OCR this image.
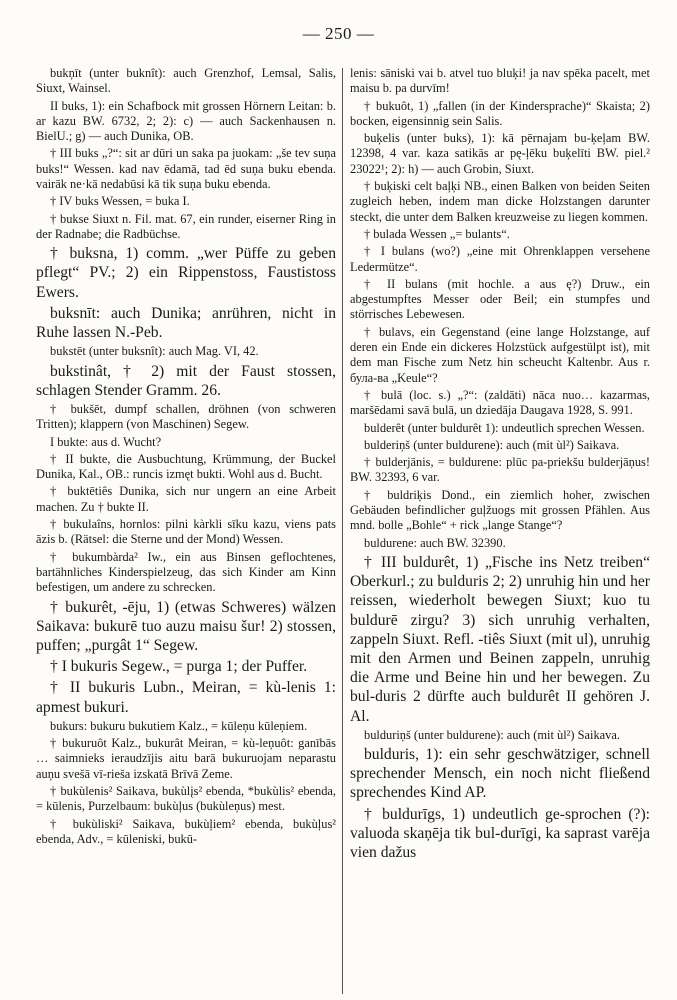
— 250 —

bukņīt (unter buknît): auch Grenzhof, Lemsal, Salis, Siuxt, Wainsel.

II buks, 1): ein Schafbock mit grossen Hörnern Leitan: b. ar kazu BW. 6732, 2; 2): c) — auch Sackenhausen n. BielU.; g) — auch Dunika, OB.

† III buks „?“: sit ar dūri un saka pa juokam: „še tev suņa buks!“ Wessen. kad nav ēdamā, tad ēd suņa buku ebenda. vairāk ne·kā nedabūsi kā tik suņa buku ebenda.

† IV buks Wessen, = buka I.

† bukse Siuxt n. Fil. mat. 67, ein runder, eiserner Ring in der Radnabe; die Radbüchse.

† buksna, 1) comm. „wer Püffe zu geben pflegt“ PV.; 2) ein Rippenstoss, Faustistoss Ewers.

buksnīt: auch Dunika; anrühren, nicht in Ruhe lassen N.-Peb.

bukstēt (unter buksnît): auch Mag. VI, 42.

bukstinât, † 2) mit der Faust stossen, schlagen Stender Gramm. 26.

† bukšēt, dumpf schallen, dröhnen (von schweren Tritten); klappern (von Maschinen) Segew.

I bukte: aus d. Wucht?

† II bukte, die Ausbuchtung, Krümmung, der Buckel Dunika, Kal., OB.: runcis izmęt bukti. Wohl aus d. Bucht.

† buktētiês Dunika, sich nur ungern an eine Arbeit machen. Zu † bukte II.

† bukulaîns, hornlos: pilni kàrkli sīku kazu, viens pats āzis b. (Rätsel: die Sterne und der Mond) Wessen.

† bukumbàrda² Iw., ein aus Binsen geflochtenes, bartähnliches Kinderspielzeug, das sich Kinder am Kinn befestigen, um andere zu schrecken.

† bukurêt, -ēju, 1) (etwas Schweres) wälzen Saikava: bukurē tuo auzu maisu šur! 2) stossen, puffen; „purgât 1“ Segew.

† I bukuris Segew., = purga 1; der Puffer.

† II bukuris Lubn., Meiran, = kù-lenis 1: apmest bukuri.

bukurs: bukuru bukutiem Kalz., = kūleņu kūleņiem.

† bukuruôt Kalz., bukurât Meiran, = kù-leņuôt: ganībās … saimnieks ieraudzījis aitu barā bukuruojam neparastu auņu svešā vī-riešа izskatā Brīvā Zeme.

† bukùlenis² Saikava, bukùlįs² ebenda, *bukùlis² ebenda, = kūlenis, Purzelbaum: bukùļus (bukùleņus) mest.

† bukùliski² Saikava, bukùļiem² ebenda, bukùļus² ebenda, Adv., = kūleniski, bukū-

lenis: sāniski vai b. atvel tuo bluķi! ja nav spēka pacelt, met maisu b. pa durvīm!

† bukuôt, 1) „fallen (in der Kindersprache)“ Skaista; 2) bocken, eigensinnig sein Salis.

buķelis (unter buks), 1): kā pērnajam bu-ķeļam BW. 12398, 4 var. kaza satikās ar pę-ļēku buķelīti BW. piel.² 23022¹; 2): h) — auch Grobin, Siuxt.

† buķiski celt baļķi NB., einen Balken von beiden Seiten zugleich heben, indem man dicke Holzstangen darunter steckt, die unter dem Balken kreuzweise zu liegen kommen.

† bulada Wessen „= bulants“.

† I bulans (wo?) „eine mit Ohrenklappen versehene Ledermütze“.

† II bulans (mit hochle. a aus ę?) Druw., ein abgestumpftes Messer oder Beil; ein stumpfes und störrisches Lebewesen.

† bulavs, ein Gegenstand (eine lange Holzstange, auf deren ein Ende ein dickeres Holzstück aufgestülpt ist), mit dem man Fische zum Netz hin scheucht Kaltenbr. Aus r. була-ва „Keule“?

† bulā (loc. s.) „?“: (zaldāti) nāca nuo… kazarmas, maršēdami savā bulā, un dziedāja Daugava 1928, S. 991.

bulderêt (unter buldurêt 1): undeutlich sprechen Wessen.

bulderiņš (unter buldurene): auch (mit ùl²) Saikava.

† bulderjānis, = buldurene: plūc pa-priekšu bulderjāņus! BW. 32393, 6 var.

† buldriķis Dond., ein ziemlich hoher, zwischen Gebäuden befindlicher guļžuogs mit grossen Pfählen. Aus mnd. bolle „Bohle“ + rick „lange Stange“?

buldurene: auch BW. 32390.

† III buldurêt, 1) „Fische ins Netz treiben“ Oberkurl.; zu bulduris 2; 2) unruhig hin und her reissen, wiederholt bewegen Siuxt; kuo tu buldurē zirgu? 3) sich unruhig verhalten, zappeln Siuxt. Refl. -tiês Siuxt (mit ul), unruhig mit den Armen und Beinen zappeln, unruhig die Arme und Beine hin und her bewegen. Zu bul-duris 2 dürfte auch buldurêt II gehören J. Al.

bulduriņš (unter buldurene): auch (mit ùl²) Saikava.

bulduris, 1): ein sehr geschwätziger, schnell sprechender Mensch, ein noch nicht fließend sprechendes Kind AP.

† buldurīgs, 1) undeutlich ge-sprochen (?): valuoda skaņēja tik bul-durīgi, ka saprast varēja vien dažus
